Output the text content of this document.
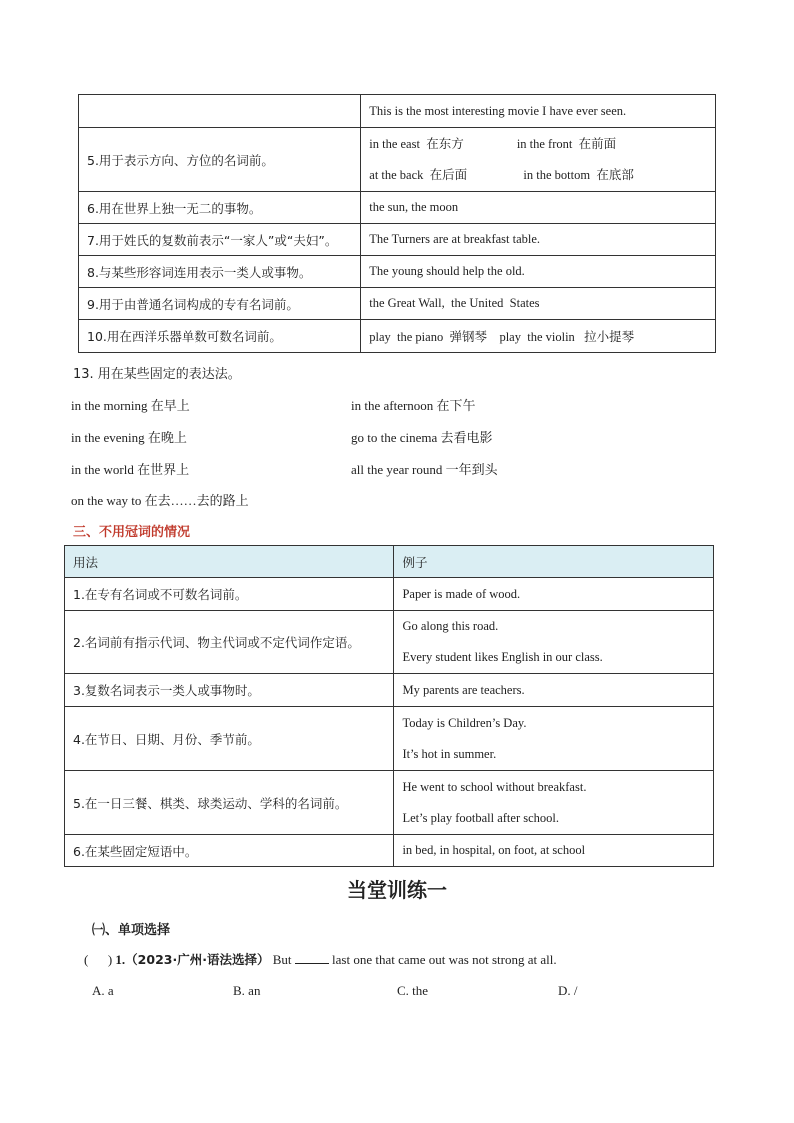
	This is the most interesting movie I have ever seen.
5.用于表示方向、方位的名词前。	in the east  在东方                 in the front  在前面
at the back  在后面                  in the bottom  在底部

6.用在世界上独一无二的事物。	the sun, the moon
7.用于姓氏的复数前表示“一家人”或“夫妇”。	The Turners are at breakfast table.
8.与某些形容词连用表示一类人或事物。	The young should help the old.
9.用于由普通名词构成的专有名词前。	the Great Wall,  the United  States
10.用在西洋乐器单数可数名词前。	play  the piano  弹钢琴    play  the violin   拉小提琴
13. 用在某些固定的表达法。
in the morning 在早上	in the afternoon 在下午
in the evening 在晚上	go to the cinema 去看电影
in the world 在世界上	all the year round 一年到头
on the way to 在去……去的路上
三、不用冠词的情况
用法	例子
1.在专有名词或不可数名词前。	Paper is made of wood.
2.名词前有指示代词、物主代词或不定代词作定语。	Go along this road.
Every student likes English in our class.

3.复数名词表示一类人或事物时。	My parents are teachers.
4.在节日、日期、月份、季节前。	Today is Children’s Day.
It’s hot in summer.

5.在一日三餐、棋类、球类运动、学科的名词前。	He went to school without breakfast.
Let’s play football after school.

6.在某些固定短语中。	in bed, in hospital, on foot, at school
当堂训练一
㈠、单项选择
(      ) 1.（2023·广州·语法选择） But	last one that came out was not strong at all.
A. a	B. an	C. the	D. /
